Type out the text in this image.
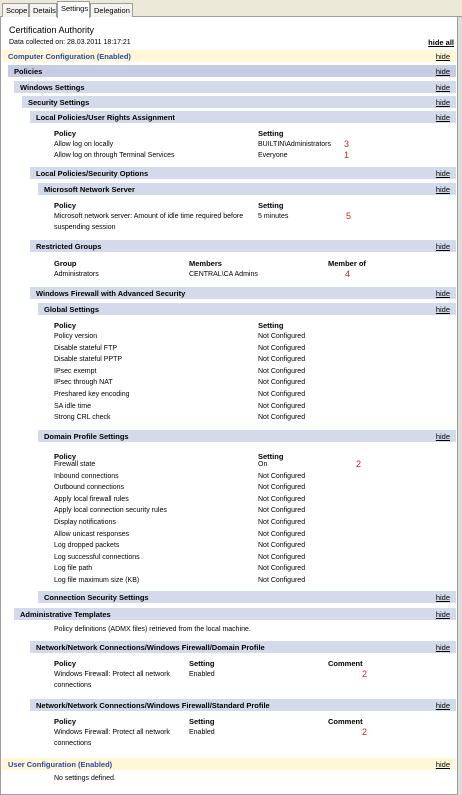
Scope Details Settings Delegation
Certification Authority
Data collected on: 28.03.2011 18:17:21	hide all
Computer Configuration (Enabled)	hide
Policies	hide
Windows Settings	hide
Security Settings	hide
Local Policies/User Rights Assignment	hide
Policy	Setting
Allow log on locally	BUILTIN\Administrators 3
Allow log on through Terminal Services	Everyone	1
Local Policies/Security Options	hide
Microsoft Network Server	hide
Policy	Setting
Microsoft network server: Amount of idle time required before
suspending session
5 minutes	5
Restricted Groups	hide
Group	Members	Member of
Administrators	CENTRAL\CA Admins	4
Windows Firewall with Advanced Security	hide
Global Settings	hide
Policy	Setting
Policy version	Not Configured
Disable stateful FTP	Not Configured
Disable stateful PPTP	Not Configured
IPsec exempt	Not Configured
IPsec through NAT	Not Configured
Preshared key encoding	Not Configured
SA idle time	Not Configured
Strong CRL check	Not Configured
Domain Profile Settings	hide
Policy	Setting
2
Firewall state	On
Inbound connections	Not Configured
Outbound connections	Not Configured
Apply local firewall rules	Not Configured
Apply local connection security rules	Not Configured
Display notifications	Not Configured
Allow unicast responses	Not Configured
Log dropped packets	Not Configured
Log successful connections	Not Configured
Log file path	Not Configured
Log file maximum size (KB)	Not Configured
Connection Security Settings	hide
Administrative Templates	hide
Policy definitions (ADMX files) retrieved from the local machine.
Network/Network Connections/Windows Firewall/Domain Profile	hide
Policy	Setting	Comment
Windows Firewall: Protect all network
connections
Enabled	2
Network/Network Connections/Windows Firewall/Standard Profile	hide
Policy	Setting	Comment
Windows Firewall: Protect all network
connections
Enabled	2
User Configuration (Enabled)	hide
No settings defined.
